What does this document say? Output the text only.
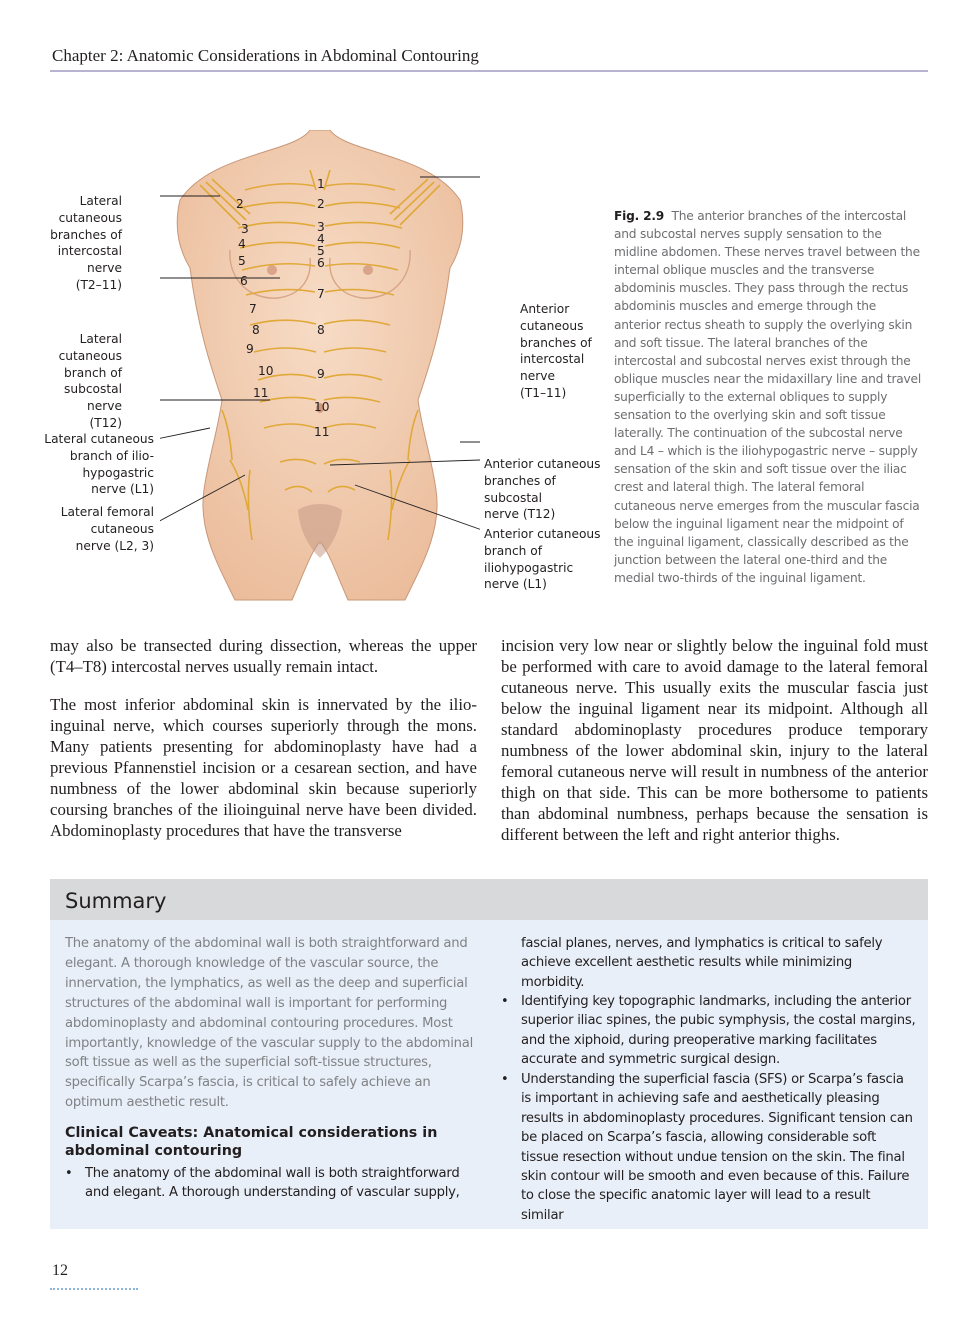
Chapter 2: Anatomic Considerations in Abdominal Contouring
2
3
4
5
6
7
8
9
10
11
1
2
3
4
5
6
7
8
9
10
11
Lateral
cutaneous
branches of
intercostal
nerve
(T2–11)
Lateral
cutaneous
branch of
subcostal
nerve
(T12)
Lateral cutaneous
branch of ilio-
hypogastric
nerve (L1)
Lateral femoral
cutaneous
nerve (L2, 3)
Anterior
cutaneous
branches of
intercostal
nerve
(T1–11)
Anterior cutaneous
branches of
subcostal
nerve (T12)
Anterior cutaneous
branch of
iliohypogastric
nerve (L1)
Fig. 2.9 The anterior branches of the intercostal and subcostal nerves supply sensation to the midline abdomen. These nerves travel between the internal oblique muscles and the transverse abdominis muscles. They pass through the rectus abdominis muscles and emerge through the anterior rectus sheath to supply the overlying skin and soft tissue. The lateral branches of the intercostal and subcostal nerves exist through the oblique muscles near the midaxillary line and travel superficially to the external obliques to supply sensation to the overlying skin and soft tissue laterally. The continuation of the subcostal nerve and L4 – which is the iliohypogastric nerve – supply sensation of the skin and soft tissue over the iliac crest and lateral thigh. The lateral femoral cutaneous nerve emerges from the muscular fascia below the inguinal ligament near the midpoint of the inguinal ligament, classically described as the junction between the lateral one-third and the medial two-thirds of the inguinal ligament.

may also be transected during dissection, whereas the upper (T4–T8) intercostal nerves usually remain intact.

The most inferior abdominal skin is innervated by the ilio-inguinal nerve, which courses superiorly through the mons. Many patients presenting for abdominoplasty have had a previous Pfannenstiel incision or a cesarean section, and have numbness of the lower abdominal skin because superiorly coursing branches of the ilioinguinal nerve have been divided. Abdominoplasty procedures that have the transverse

incision very low near or slightly below the inguinal fold must be performed with care to avoid damage to the lateral femoral cutaneous nerve. This usually exits the muscular fascia just below the inguinal ligament near its midpoint. Although all standard abdominoplasty procedures produce temporary numbness of the lower abdominal skin, injury to the lateral femoral cutaneous nerve will result in numbness of the anterior thigh on that side. This can be more bothersome to patients than abdominal numbness, perhaps because the sensation is different between the left and right anterior thighs.

Summary
The anatomy of the abdominal wall is both straightforward and elegant. A thorough knowledge of the vascular source, the innervation, the lymphatics, as well as the deep and superficial structures of the abdominal wall is important for performing abdominoplasty and abdominal contouring procedures. Most importantly, knowledge of the vascular supply to the abdominal soft tissue as well as the superficial soft-tissue structures, specifically Scarpa’s fascia, is critical to safely achieve an optimum aesthetic result.
Clinical Caveats: Anatomical considerations in abdominal contouring
• The anatomy of the abdominal wall is both straightforward and elegant. A thorough understanding of vascular supply,
fascial planes, nerves, and lymphatics is critical to safely achieve excellent aesthetic results while minimizing morbidity.
• Identifying key topographic landmarks, including the anterior superior iliac spines, the pubic symphysis, the costal margins, and the xiphoid, during preoperative marking facilitates accurate and symmetric surgical design.
• Understanding the superficial fascia (SFS) or Scarpa’s fascia is important in achieving safe and aesthetically pleasing results in abdominoplasty procedures. Significant tension can be placed on Scarpa’s fascia, allowing considerable soft tissue resection without undue tension on the skin. The final skin contour will be smooth and even because of this. Failure to close the specific anatomic layer will lead to a result similar
12
